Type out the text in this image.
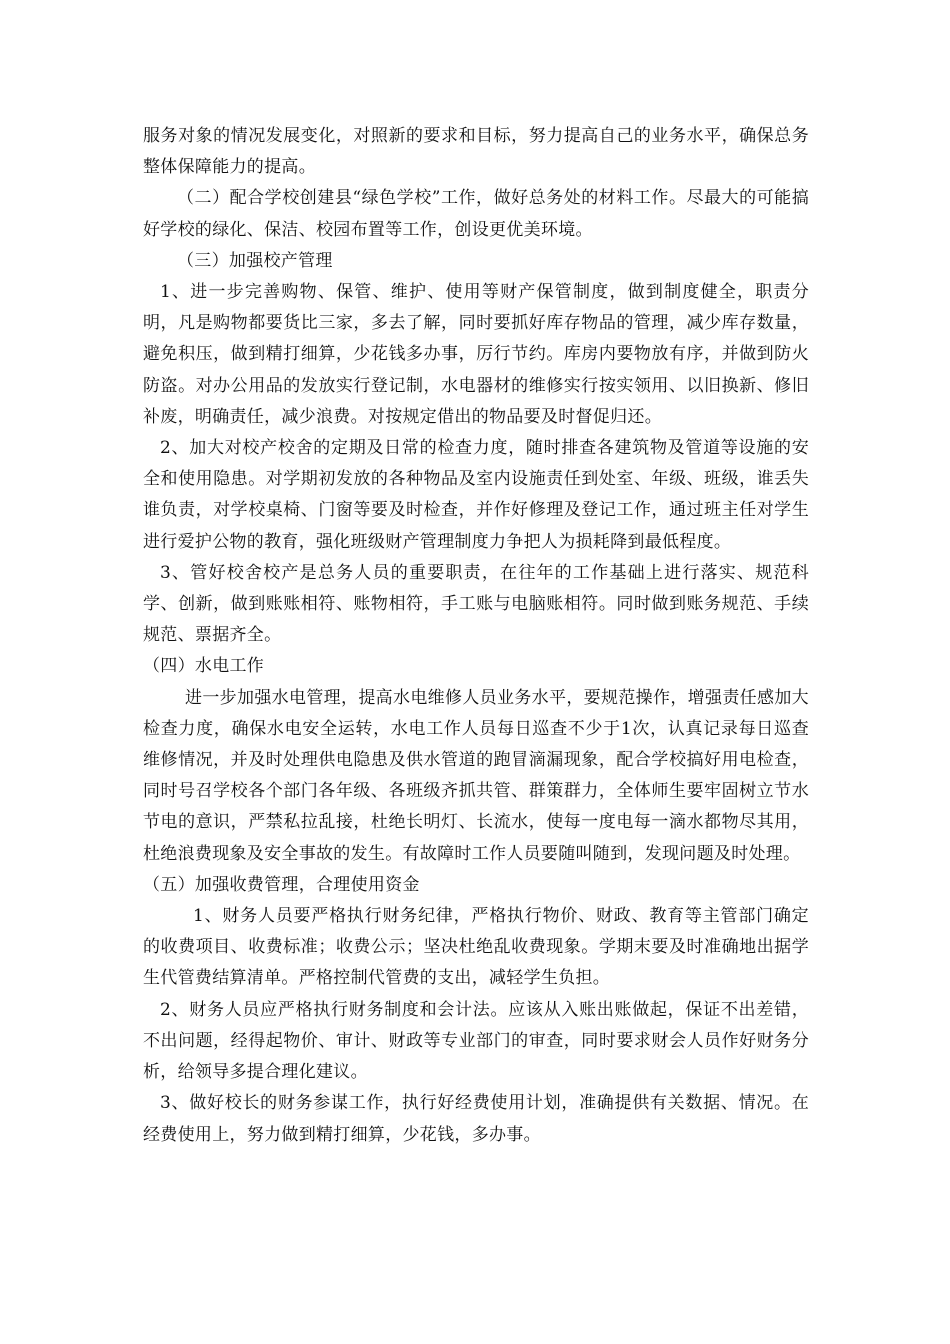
服务对象的情况发展变化，对照新的要求和目标，努力提高自己的业务水平，确保总务整体保障能力的提高。

（二）配合学校创建县“绿色学校”工作，做好总务处的材料工作。尽最大的可能搞好学校的绿化、保洁、校园布置等工作，创设更优美环境。

（三）加强校产管理

1、进一步完善购物、保管、维护、使用等财产保管制度，做到制度健全，职责分明，凡是购物都要货比三家，多去了解，同时要抓好库存物品的管理，减少库存数量，避免积压，做到精打细算，少花钱多办事，厉行节约。库房内要物放有序，并做到防火防盗。对办公用品的发放实行登记制，水电器材的维修实行按实领用、以旧换新、修旧补废，明确责任，减少浪费。对按规定借出的物品要及时督促归还。

2、加大对校产校舍的定期及日常的检查力度，随时排查各建筑物及管道等设施的安全和使用隐患。对学期初发放的各种物品及室内设施责任到处室、年级、班级，谁丢失谁负责，对学校桌椅、门窗等要及时检查，并作好修理及登记工作，通过班主任对学生进行爱护公物的教育，强化班级财产管理制度力争把人为损耗降到最低程度。

3、管好校舍校产是总务人员的重要职责，在往年的工作基础上进行落实、规范科学、创新，做到账账相符、账物相符，手工账与电脑账相符。同时做到账务规范、手续规范、票据齐全。

（四）水电工作

进一步加强水电管理，提高水电维修人员业务水平，要规范操作，增强责任感加大检查力度，确保水电安全运转，水电工作人员每日巡查不少于1次，认真记录每日巡查维修情况，并及时处理供电隐患及供水管道的跑冒滴漏现象，配合学校搞好用电检查，同时号召学校各个部门各年级、各班级齐抓共管、群策群力，全体师生要牢固树立节水节电的意识，严禁私拉乱接，杜绝长明灯、长流水，使每一度电每一滴水都物尽其用，杜绝浪费现象及安全事故的发生。有故障时工作人员要随叫随到，发现问题及时处理。

（五）加强收费管理，合理使用资金

1、财务人员要严格执行财务纪律，严格执行物价、财政、教育等主管部门确定的收费项目、收费标准；收费公示；坚决杜绝乱收费现象。学期末要及时准确地出据学生代管费结算清单。严格控制代管费的支出，减轻学生负担。

2、财务人员应严格执行财务制度和会计法。应该从入账出账做起，保证不出差错，不出问题，经得起物价、审计、财政等专业部门的审查，同时要求财会人员作好财务分析，给领导多提合理化建议。

3、做好校长的财务参谋工作，执行好经费使用计划，准确提供有关数据、情况。在经费使用上，努力做到精打细算，少花钱，多办事。
